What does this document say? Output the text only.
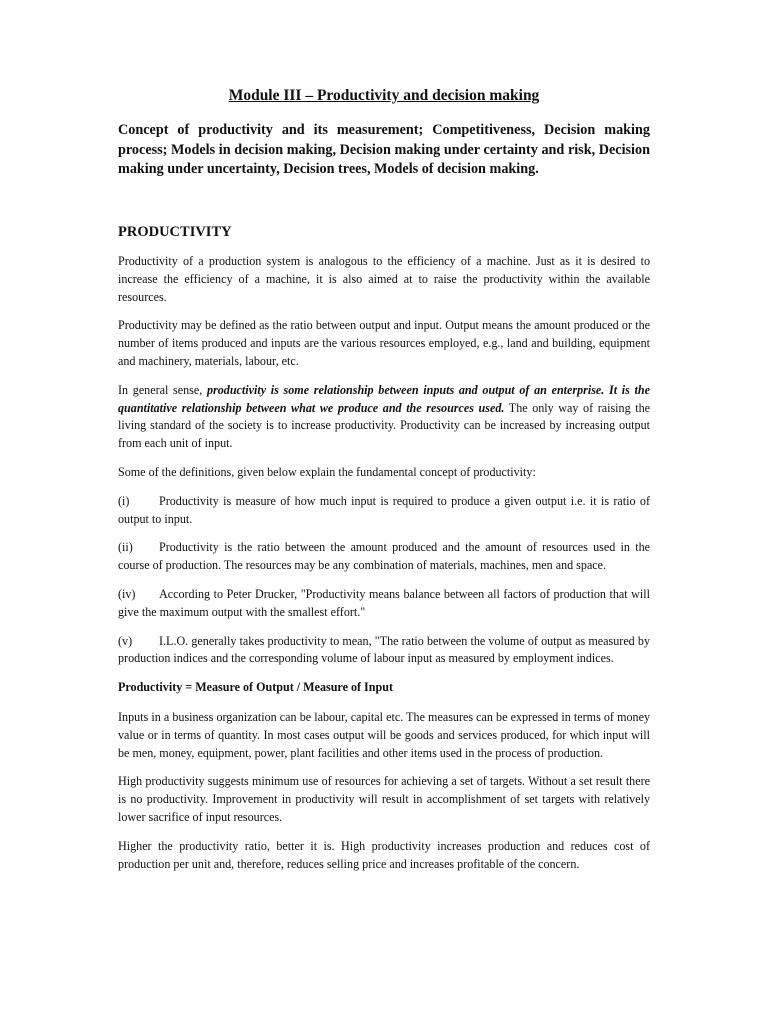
Module III – Productivity and decision making
Concept of productivity and its measurement; Competitiveness, Decision making process; Models in decision making, Decision making under certainty and risk, Decision making under uncertainty, Decision trees, Models of decision making.
PRODUCTIVITY

Productivity of a production system is analogous to the efficiency of a machine. Just as it is desired to increase the efficiency of a machine, it is also aimed at to raise the productivity within the available resources.

Productivity may be defined as the ratio between output and input. Output means the amount produced or the number of items produced and inputs are the various resources employed, e.g., land and building, equipment and machinery, materials, labour, etc.

In general sense, productivity is some relationship between inputs and output of an enterprise. It is the quantitative relationship between what we produce and the resources used. The only way of raising the living standard of the society is to increase productivity. Productivity can be increased by increasing output from each unit of input.

Some of the definitions, given below explain the fundamental concept of productivity:

(i) Productivity is measure of how much input is required to produce a given output i.e. it is ratio of output to input.

(ii) Productivity is the ratio between the amount produced and the amount of resources used in the course of production. The resources may be any combination of materials, machines, men and space.

(iv) According to Peter Drucker, "Productivity means balance between all factors of production that will give the maximum output with the smallest effort."

(v) I.L.O. generally takes productivity to mean, "The ratio between the volume of output as measured by production indices and the corresponding volume of labour input as measured by employment indices.

Productivity = Measure of Output / Measure of Input

Inputs in a business organization can be labour, capital etc. The measures can be expressed in terms of money value or in terms of quantity. In most cases output will be goods and services produced, for which input will be men, money, equipment, power, plant facilities and other items used in the process of production.

High productivity suggests minimum use of resources for achieving a set of targets. Without a set result there is no productivity. Improvement in productivity will result in accomplishment of set targets with relatively lower sacrifice of input resources.

Higher the productivity ratio, better it is. High productivity increases production and reduces cost of production per unit and, therefore, reduces selling price and increases profitable of the concern.
